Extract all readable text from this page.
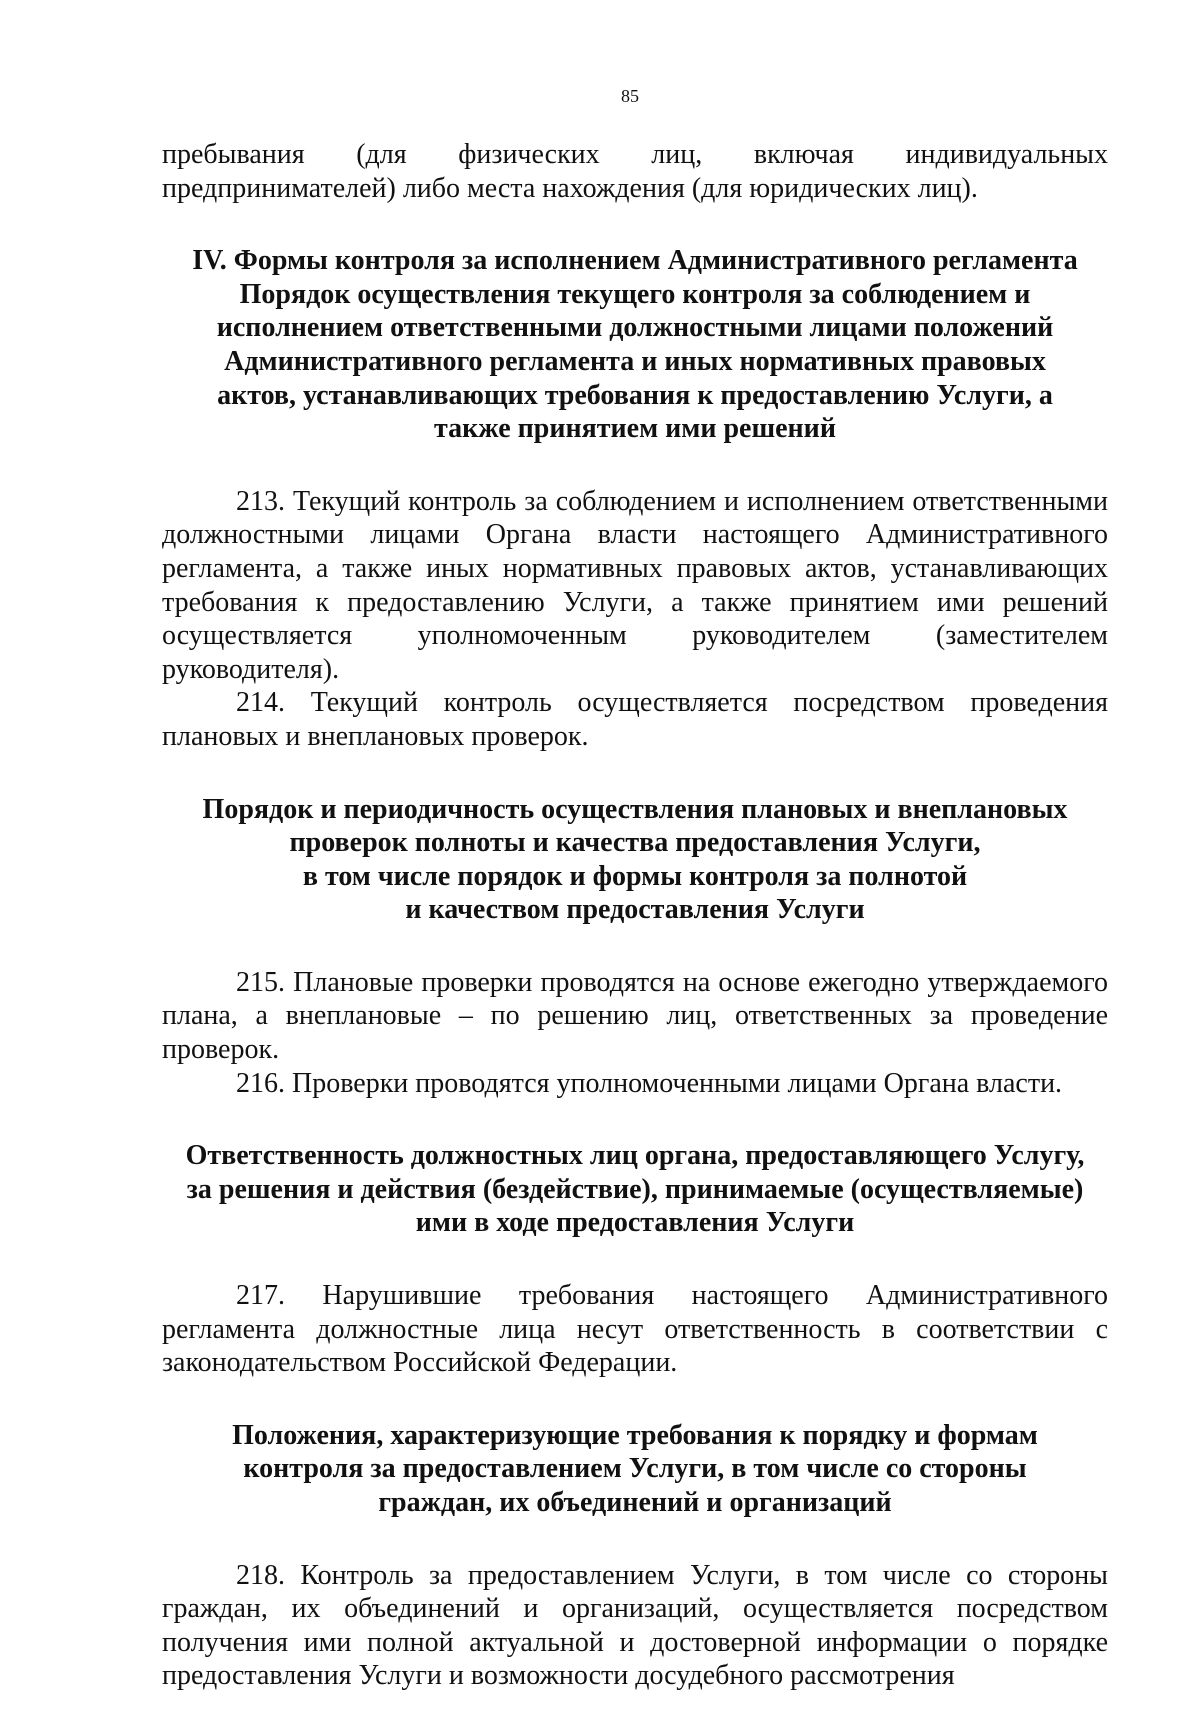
85

пребывания (для физических лиц, включая индивидуальных предпринимателей) либо места нахождения (для юридических лиц).

IV. Формы контроля за исполнением Административного регламента
Порядок осуществления текущего контроля за соблюдением и
исполнением ответственными должностными лицами положений
Административного регламента и иных нормативных правовых
актов, устанавливающих требования к предоставлению Услуги, а
также принятием ими решений

213. Текущий контроль за соблюдением и исполнением ответственными должностными лицами Органа власти настоящего Административного регламента, а также иных нормативных правовых актов, устанавливающих требования к предоставлению Услуги, а также принятием ими решений осуществляется уполномоченным руководителем (заместителем руководителя).

214. Текущий контроль осуществляется посредством проведения плановых и внеплановых проверок.

Порядок и периодичность осуществления плановых и внеплановых
проверок полноты и качества предоставления Услуги,
в том числе порядок и формы контроля за полнотой
и качеством предоставления Услуги

215. Плановые проверки проводятся на основе ежегодно утверждаемого плана, а внеплановые – по решению лиц, ответственных за проведение проверок.

216. Проверки проводятся уполномоченными лицами Органа власти.

Ответственность должностных лиц органа, предоставляющего Услугу,
за решения и действия (бездействие), принимаемые (осуществляемые)
ими в ходе предоставления Услуги

217. Нарушившие требования настоящего Административного регламента должностные лица несут ответственность в соответствии с законодательством Российской Федерации.

Положения, характеризующие требования к порядку и формам
контроля за предоставлением Услуги, в том числе со стороны
граждан, их объединений и организаций

218. Контроль за предоставлением Услуги, в том числе со стороны граждан, их объединений и организаций, осуществляется посредством получения ими полной актуальной и достоверной информации о порядке предоставления Услуги и возможности досудебного рассмотрения
